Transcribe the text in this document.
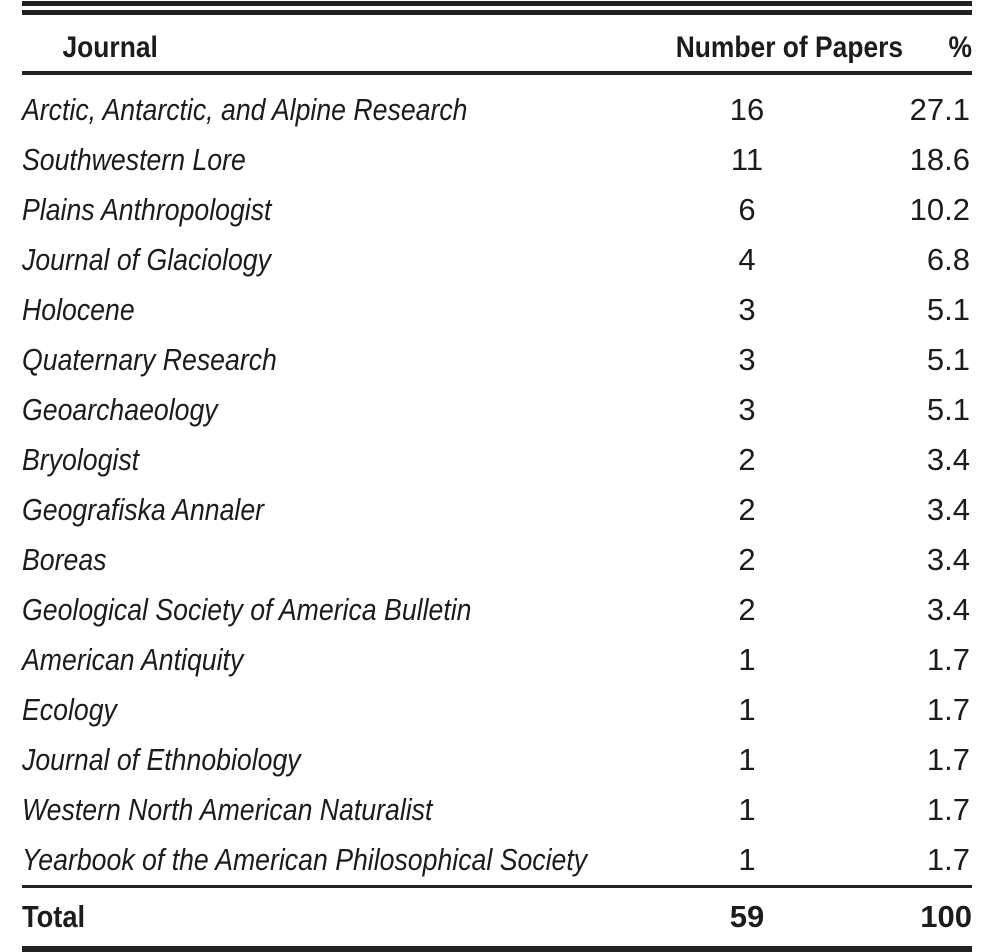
Journal	Number of Papers	%
Arctic, Antarctic, and Alpine Research	16	27.1
Southwestern Lore	11	18.6
Plains Anthropologist	6	10.2
Journal of Glaciology	4	6.8
Holocene	3	5.1
Quaternary Research	3	5.1
Geoarchaeology	3	5.1
Bryologist	2	3.4
Geografiska Annaler	2	3.4
Boreas	2	3.4
Geological Society of America Bulletin	2	3.4
American Antiquity	1	1.7
Ecology	1	1.7
Journal of Ethnobiology	1	1.7
Western North American Naturalist	1	1.7
Yearbook of the American Philosophical Society	1	1.7
Total	59	100
